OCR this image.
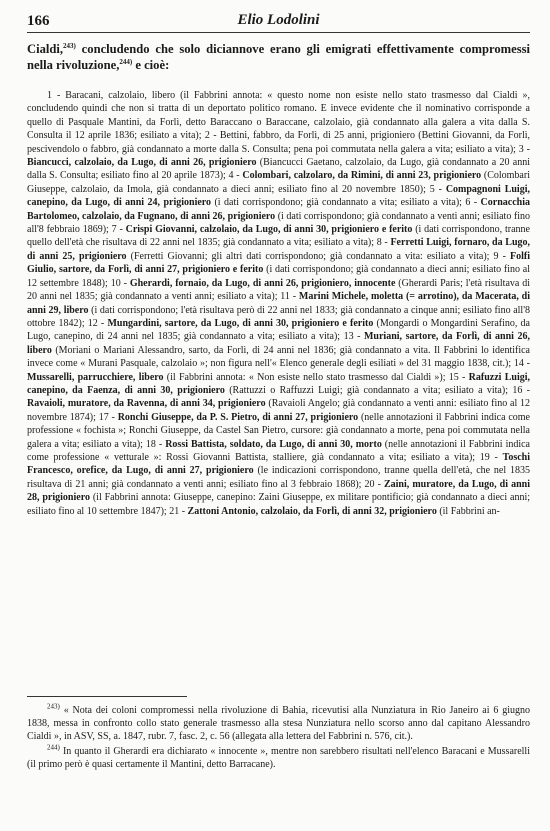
166	Elio Lodolini
Cialdi,$^{243)}$ concludendo che solo diciannove erano gli emigrati effettivamente compromessi nella rivoluzione,$^{244)}$ e cioè:

1 - Baracani, calzolaio, libero (il Fabbrini annota: « questo nome non esiste nello stato trasmesso dal Cialdi », concludendo quindi che non si tratta di un deportato politico romano. E invece evidente che il nominativo corrisponde a quello di Pasquale Mantini, da Forlì, detto Baraccano o Baraccane, calzolaio, già condannato alla galera a vita dalla S. Consulta il 12 aprile 1836; esiliato a vita); 2 - Bettini, fabbro, da Forlì, di 25 anni, prigioniero (Bettini Giovanni, da Forlì, pescivendolo o fabbro, già condannato a morte dalla S. Consulta; pena poi commutata nella galera a vita; esiliato a vita); 3 - Biancucci, calzolaio, da Lugo, di anni 26, prigioniero (Biancucci Gaetano, calzolaio, da Lugo, già condannato a 20 anni dalla S. Consulta; esiliato fino al 20 aprile 1873); 4 - Colombari, calzolaro, da Rimini, di anni 23, prigioniero (Colombari Giuseppe, calzolaio, da Imola, già condannato a dieci anni; esiliato fino al 20 novembre 1850); 5 - Compagnoni Luigi, canepino, da Lugo, di anni 24, prigioniero (i dati corrispondono; già condannato a vita; esiliato a vita); 6 - Cornacchia Bartolomeo, calzolaio, da Fugnano, di anni 26, prigioniero (i dati corrispondono; già condannato a venti anni; esiliato fino all'8 febbraio 1869); 7 - Crispi Giovanni, calzolaio, da Lugo, di anni 30, prigioniero e ferito (i dati corrispondono, tranne quello dell'età che risultava di 22 anni nel 1835; già condannato a vita; esiliato a vita); 8 - Ferretti Luigi, fornaro, da Lugo, di anni 25, prigioniero (Ferretti Giovanni; gli altri dati corrispondono; già condannato a vita: esiliato a vita); 9 - Folfi Giulio, sartore, da Forlì, di anni 27, prigioniero e ferito (i dati corrispondono; già condannato a dieci anni; esiliato fino al 12 settembre 1848); 10 - Gherardi, fornaio, da Lugo, di anni 26, prigioniero, innocente (Gherardi Paris; l'età risultava di 20 anni nel 1835; già condannato a venti anni; esiliato a vita); 11 - Marini Michele, moletta (= arrotino), da Macerata, di anni 29, libero (i dati corrispondono; l'età risultava però di 22 anni nel 1833; già condannato a cinque anni; esiliato fino all'8 ottobre 1842); 12 - Mungardini, sartore, da Lugo, di anni 30, prigioniero e ferito (Mongardi o Mongardini Serafino, da Lugo, canepino, di 24 anni nel 1835; già condannato a vita; esiliato a vita); 13 - Muriani, sartore, da Forlì, di anni 26, libero (Moriani o Mariani Alessandro, sarto, da Forlì, di 24 anni nel 1836; già condannato a vita. Il Fabbrini lo identifica invece come « Murani Pasquale, calzolaio »; non figura nell'« Elenco generale degli esiliati » del 31 maggio 1838, cit.); 14 - Mussarelli, parrucchiere, libero (il Fabbrini annota: « Non esiste nello stato trasmesso dal Cialdi »); 15 - Rafuzzi Luigi, canepino, da Faenza, di anni 30, prigioniero (Rattuzzi o Raffuzzi Luigi; già condannato a vita; esiliato a vita); 16 - Ravaioli, muratore, da Ravenna, di anni 34, prigioniero (Ravaioli Angelo; già condannato a venti anni: esiliato fino al 12 novembre 1874); 17 - Ronchi Giuseppe, da P. S. Pietro, di anni 27, prigioniero (nelle annotazioni il Fabbrini indica come professione « fochista »; Ronchi Giuseppe, da Castel San Pietro, cursore: già condannato a morte, pena poi commutata nella galera a vita; esiliato a vita); 18 - Rossi Battista, soldato, da Lugo, di anni 30, morto (nelle annotazioni il Fabbrini indica come professione « vetturale »: Rossi Giovanni Battista, stalliere, già condannato a vita; esiliato a vita); 19 - Toschi Francesco, orefice, da Lugo, di anni 27, prigioniero (le indicazioni corrispondono, tranne quella dell'età, che nel 1835 risultava di 21 anni; già condannato a venti anni; esiliato fino al 3 febbraio 1868); 20 - Zaini, muratore, da Lugo, di anni 28, prigioniero (il Fabbrini annota: Giuseppe, canepino: Zaini Giuseppe, ex militare pontificio; già condannato a dieci anni; esiliato fino al 10 settembre 1847); 21 - Zattoni Antonio, calzolaio, da Forlì, di anni 32, prigioniero (il Fabbrini an-

$^{243)}$ « Nota dei coloni compromessi nella rivoluzione di Bahia, ricevutisi alla Nunziatura in Rio Janeiro ai 6 giugno 1838, messa in confronto collo stato generale trasmesso alla stesa Nunziatura nello scorso anno dal capitano Alessandro Cialdi », in ASV, SS, a. 1847, rubr. 7, fasc. 2, c. 56 (allegata alla lettera del Fabbrini n. 576, cit.).

$^{244)}$ In quanto il Gherardi era dichiarato « innocente », mentre non sarebbero risultati nell'elenco Baracani e Mussarelli (il primo però è quasi certamente il Mantini, detto Barracane).
